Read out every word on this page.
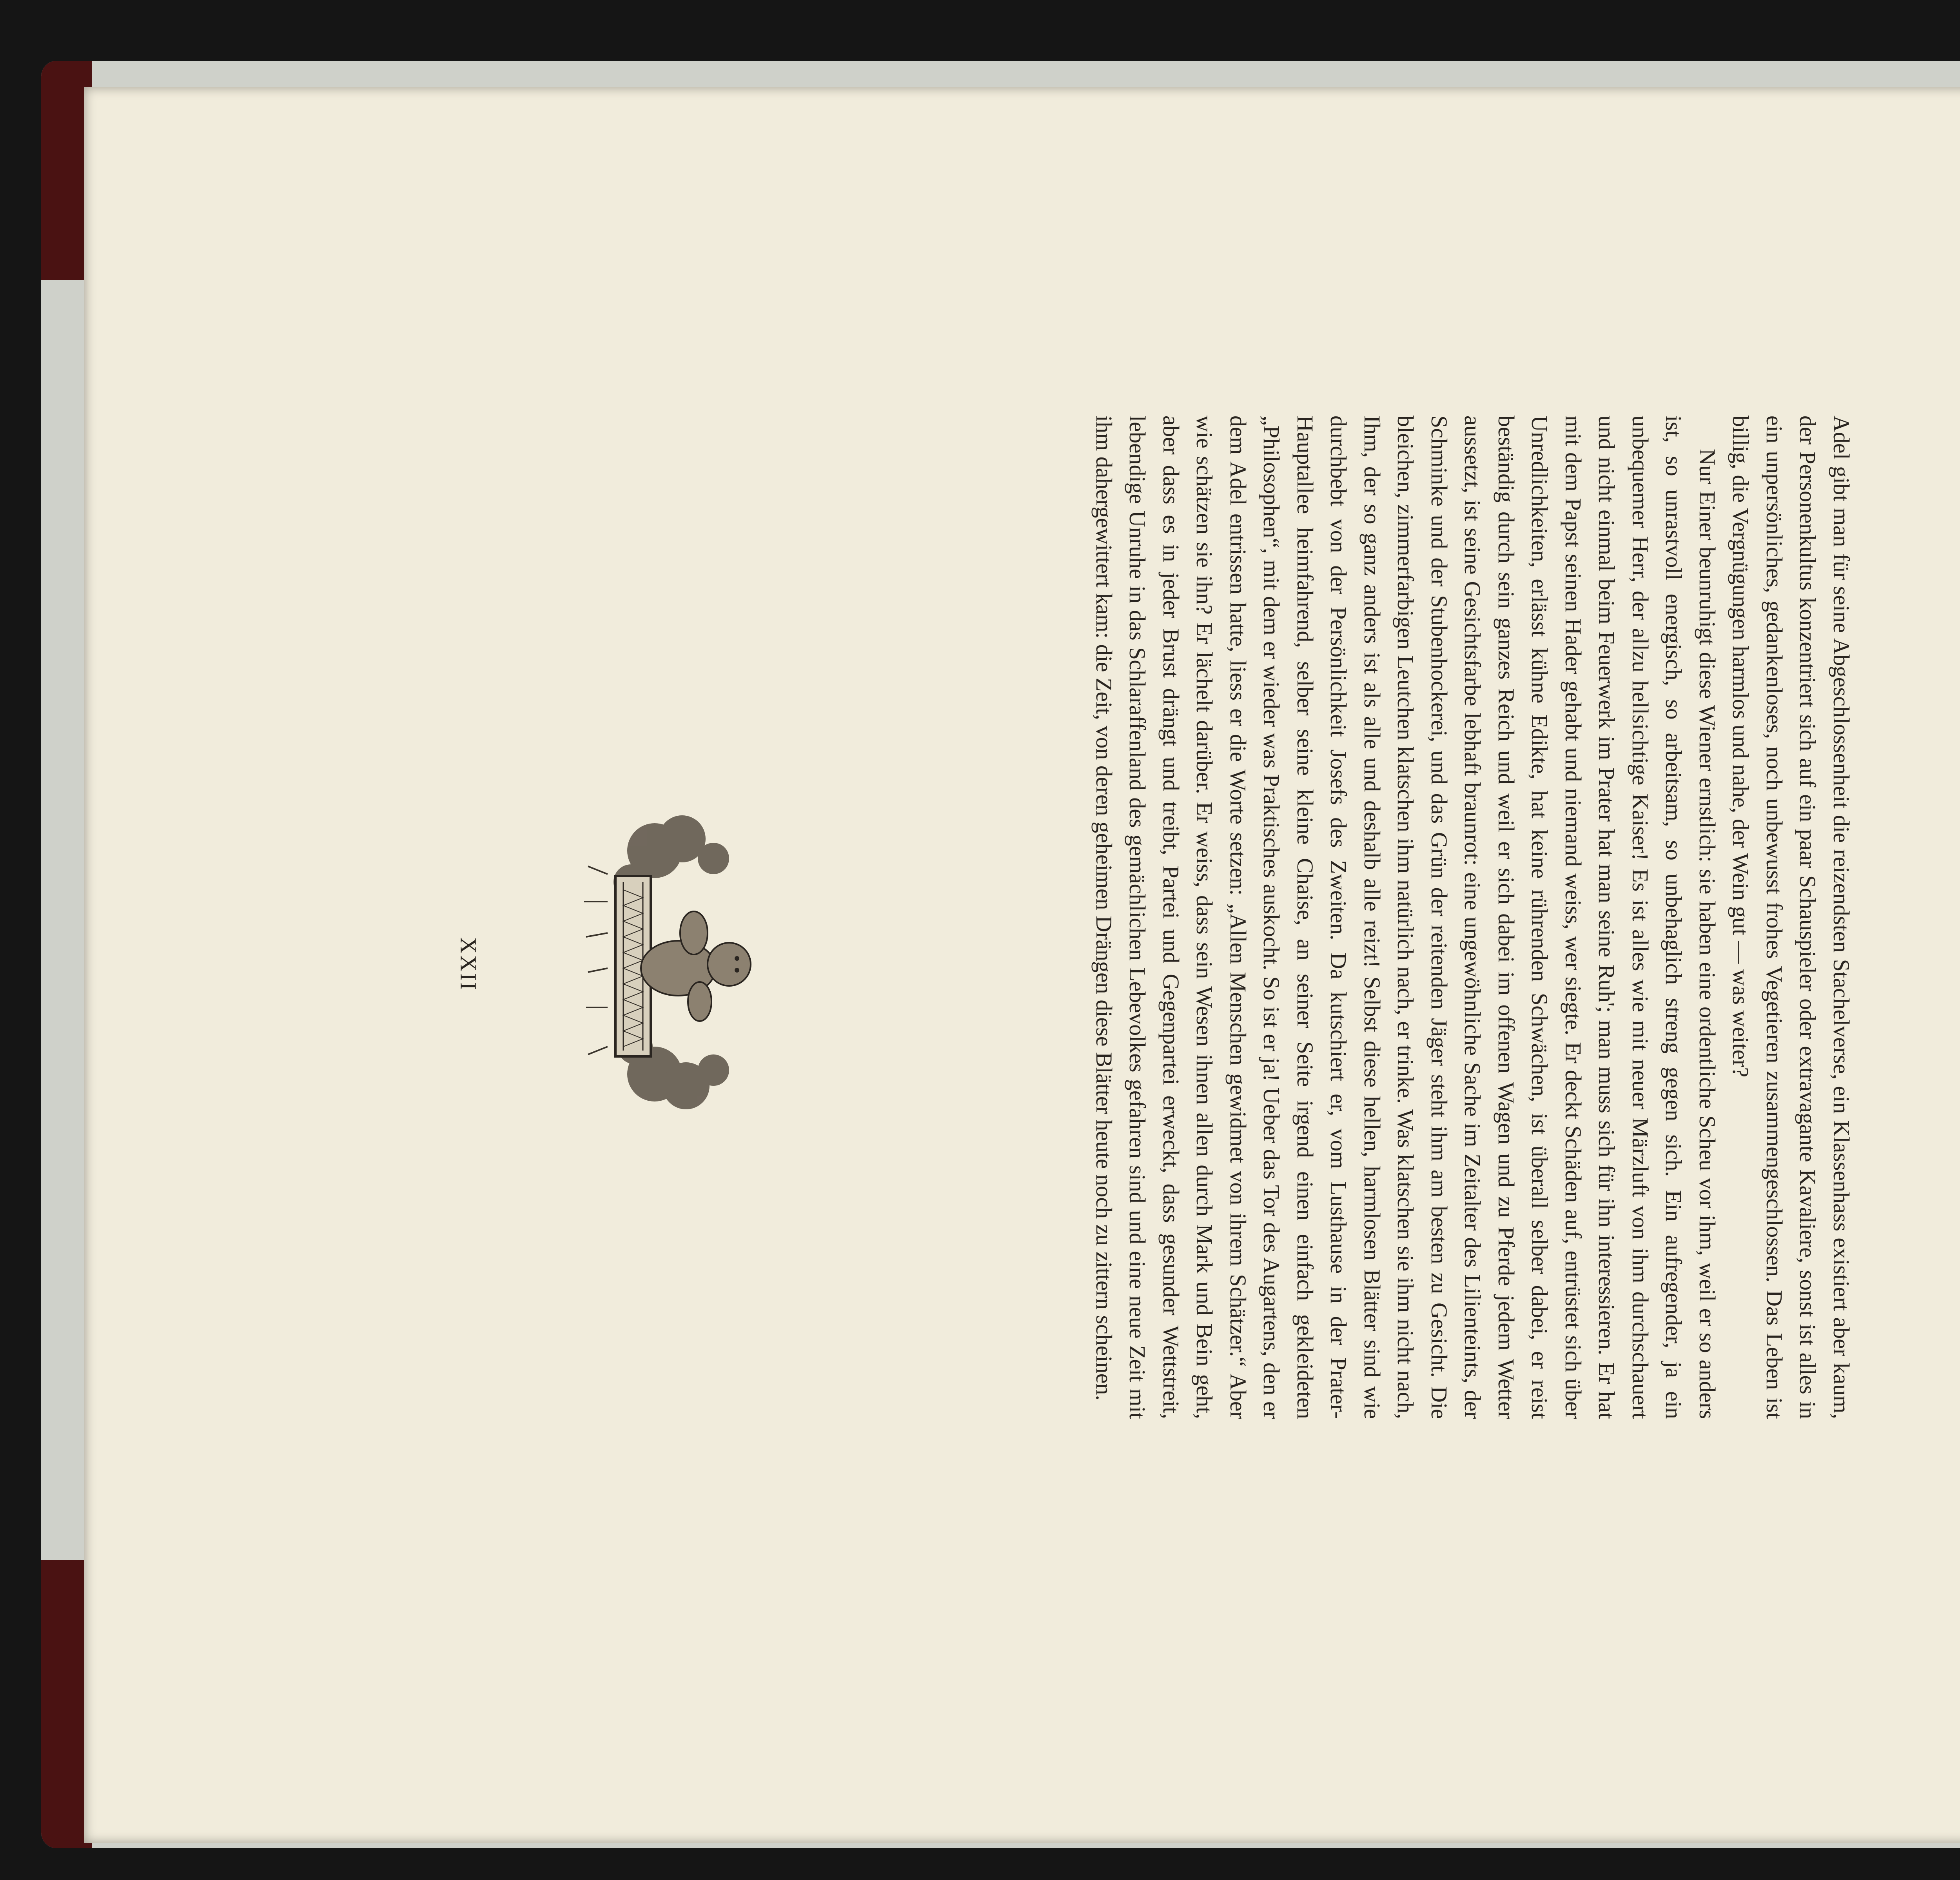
Adel gibt man für seine Abgeschlossenheit die reizendsten Stachelverse, ein Klassenhass existiert aber kaum, der Personenkultus konzentriert sich auf ein paar Schauspieler oder extravagante Kavaliere, sonst ist alles in ein unpersönliches, gedankenloses, noch unbewusst frohes Vegetieren zusammengeschlossen. Das Leben ist billig, die Vergnügungen harmlos und nahe, der Wein gut — was weiter?

Nur Einer beunruhigt diese Wiener ernstlich: sie haben eine ordentliche Scheu vor ihm, weil er so anders ist, so unrastvoll energisch, so arbeitsam, so unbehaglich streng gegen sich. Ein aufregender, ja ein unbequemer Herr, der allzu hellsichtige Kaiser! Es ist alles wie mit neuer Märzluft von ihm durchschauert und nicht einmal beim Feuerwerk im Prater hat man seine Ruh'; man muss sich für ihn interessieren. Er hat mit dem Papst seinen Hader gehabt und niemand weiss, wer siegte. Er deckt Schäden auf, entrüstet sich über Unredlichkeiten, erlässt kühne Edikte, hat keine rührenden Schwächen, ist überall selber dabei, er reist beständig durch sein ganzes Reich und weil er sich dabei im offenen Wagen und zu Pferde jedem Wetter aussetzt, ist seine Gesichtsfarbe lebhaft braunrot: eine ungewöhnliche Sache im Zeitalter des Lilienteints, der Schminke und der Stubenhockerei, und das Grün der reitenden Jäger steht ihm am besten zu Gesicht. Die bleichen, zimmerfarbigen Leutchen klatschen ihm natürlich nach, er trinke. Was klatschen sie ihm nicht nach, Ihm, der so ganz anders ist als alle und deshalb alle reizt! Selbst diese hellen, harmlosen Blätter sind wie durchbebt von der Persönlichkeit Josefs des Zweiten. Da kutschiert er, vom Lusthause in der Prater-Hauptallee heimfahrend, selber seine kleine Chaise, an seiner Seite irgend einen einfach gekleideten „Philosophen“, mit dem er wieder was Praktisches auskocht. So ist er ja! Ueber das Tor des Augartens, den er dem Adel entrissen hatte, liess er die Worte setzen: „Allen Menschen gewidmet von ihrem Schätzer.“ Aber wie schätzen sie ihn? Er lächelt darüber. Er weiss, dass sein Wesen ihnen allen durch Mark und Bein geht, aber dass es in jeder Brust drängt und treibt, Partei und Gegenpartei erweckt, dass gesunder Wettstreit, lebendige Unruhe in das Schlaraffenland des gemächlichen Lebevolkes gefahren sind und eine neue Zeit mit ihm dahergewittert kam: die Zeit, von deren geheimen Drängen diese Blätter heute noch zu zittern scheinen.

XXII
